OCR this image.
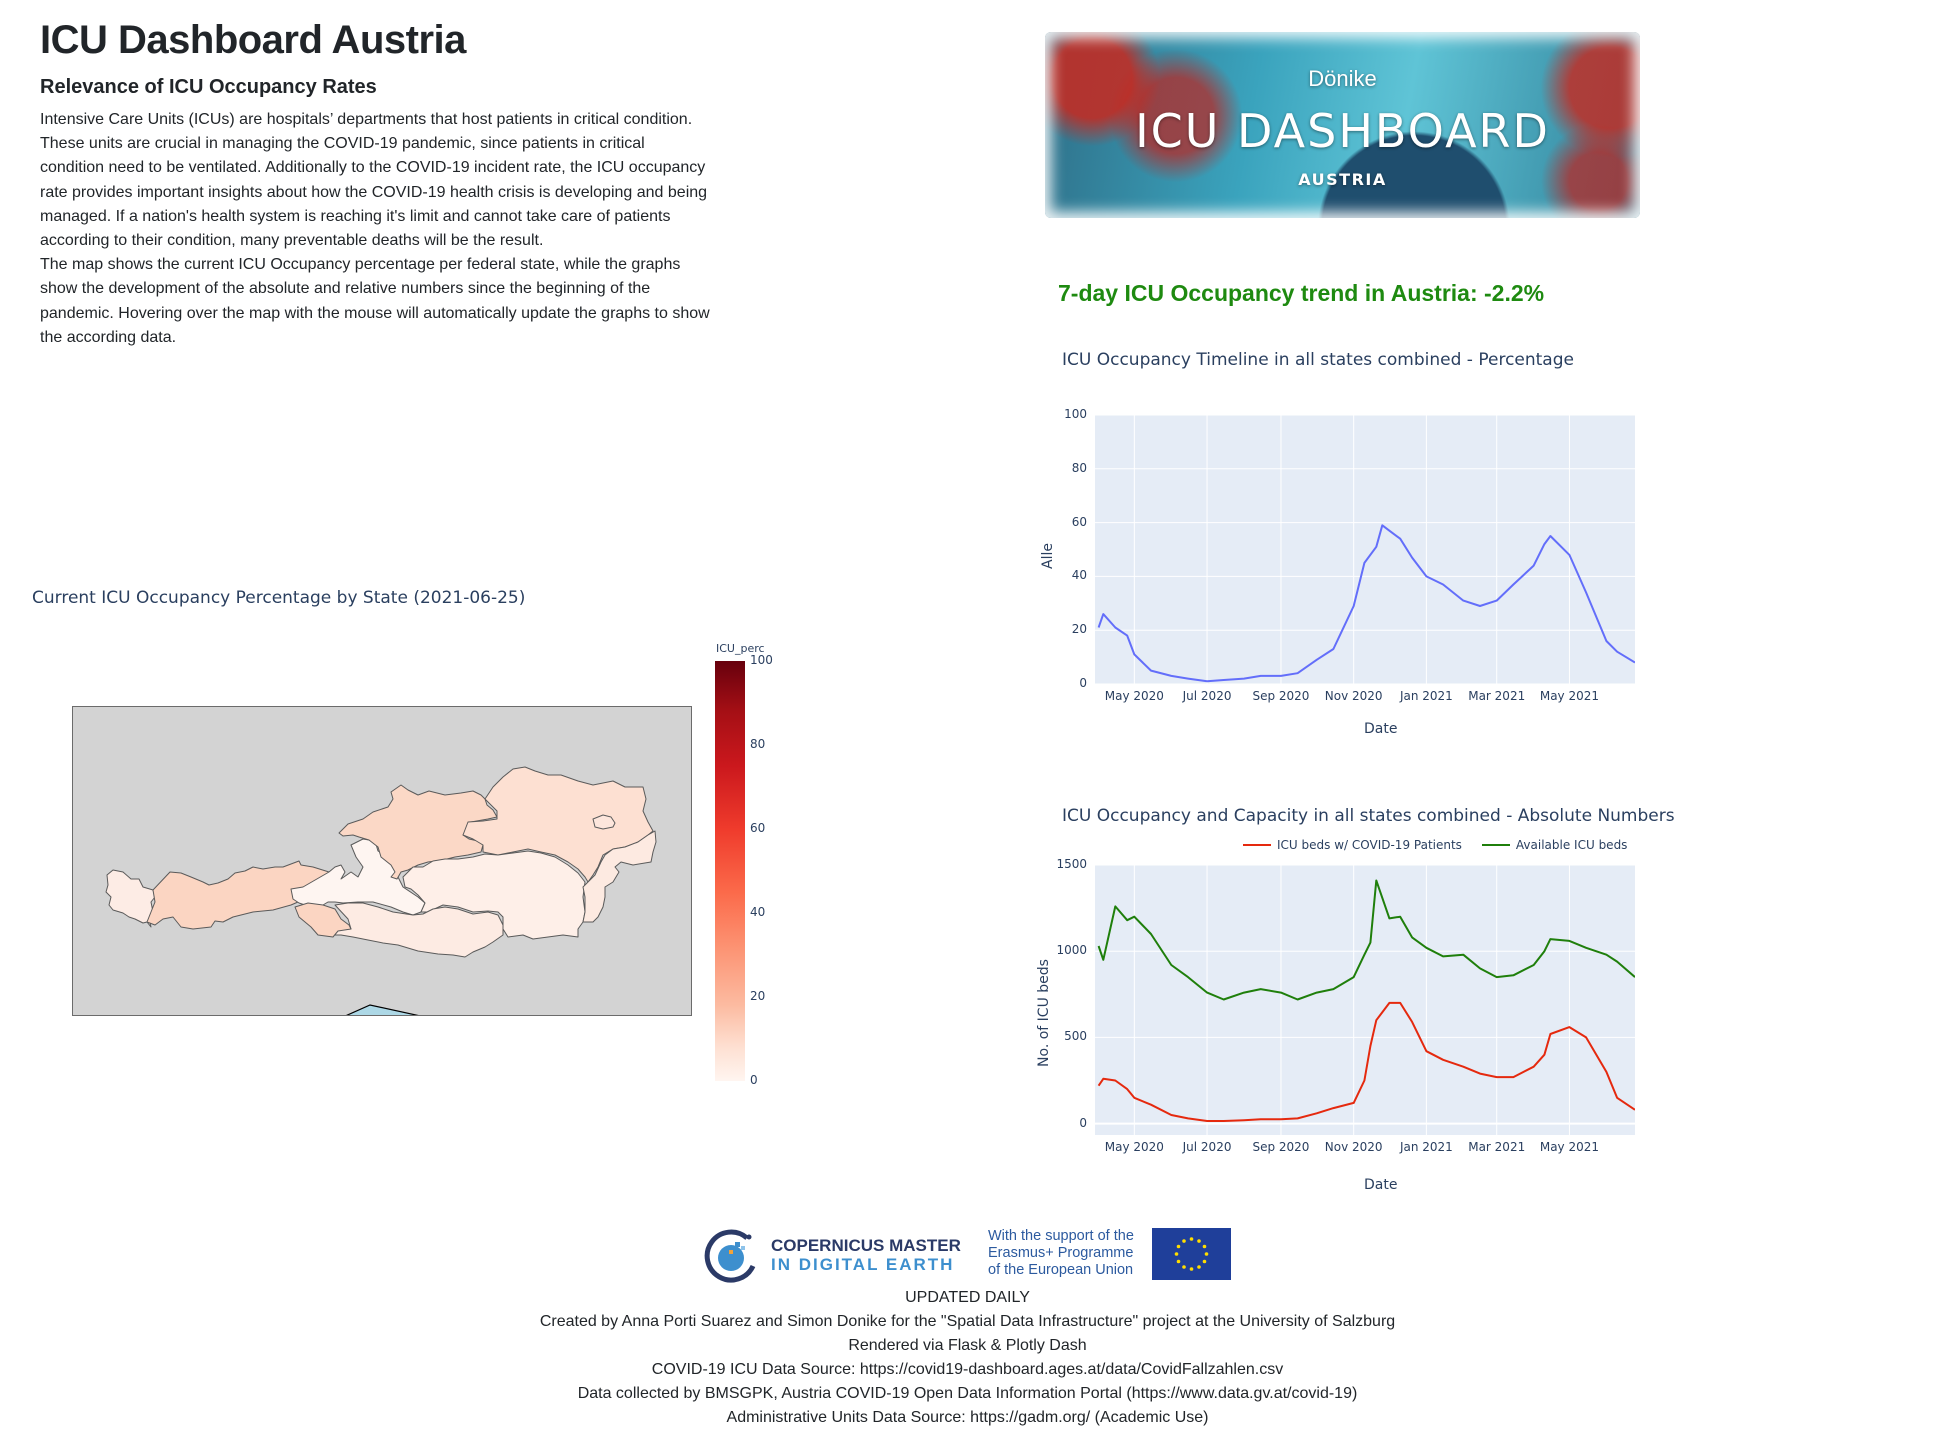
ICU Dashboard Austria
Relevance of ICU Occupancy Rates

Intensive Care Units (ICUs) are hospitals’ departments that host patients in critical condition. These units are crucial in managing the COVID-19 pandemic, since patients in critical condition need to be ventilated. Additionally to the COVID-19 incident rate, the ICU occupancy rate provides important insights about how the COVID-19 health crisis is developing and being managed. If a nation's health system is reaching it's limit and cannot take care of patients according to their condition, many preventable deaths will be the result.

The map shows the current ICU Occupancy percentage per federal state, while the graphs show the development of the absolute and relative numbers since the beginning of the pandemic. Hovering over the map with the mouse will automatically update the graphs to show the according data.

Current ICU Occupancy Percentage by State (2021-06-25)
ICU_perc
100
80
60
40
20
0
Dönike
ICU DASHBOARD
AUSTRIA
7-day ICU Occupancy trend in Austria: -2.2%
ICU Occupancy Timeline in all states combined - Percentage
100
80
60
40
20
0
May 2020 Jul 2020 Sep 2020 Nov 2020 Jan 2021 Mar 2021 May 2021
Alle
Date
ICU Occupancy and Capacity in all states combined - Absolute Numbers
ICU beds w/ COVID-19 Patients	Available ICU beds
1500
1000
500
0
May 2020 Jul 2020 Sep 2020 Nov 2020 Jan 2021 Mar 2021 May 2021
No. of ICU beds
Date
COPERNICUS MASTER
IN DIGITAL EARTH
With the support of the
Erasmus+ Programme
of the European Union
UPDATED DAILY
Created by Anna Porti Suarez and Simon Donike for the "Spatial Data Infrastructure" project at the University of Salzburg
Rendered via Flask & Plotly Dash
COVID-19 ICU Data Source: https://covid19-dashboard.ages.at/data/CovidFallzahlen.csv
Data collected by BMSGPK, Austria COVID-19 Open Data Information Portal (https://www.data.gv.at/covid-19)
Administrative Units Data Source: https://gadm.org/ (Academic Use)
